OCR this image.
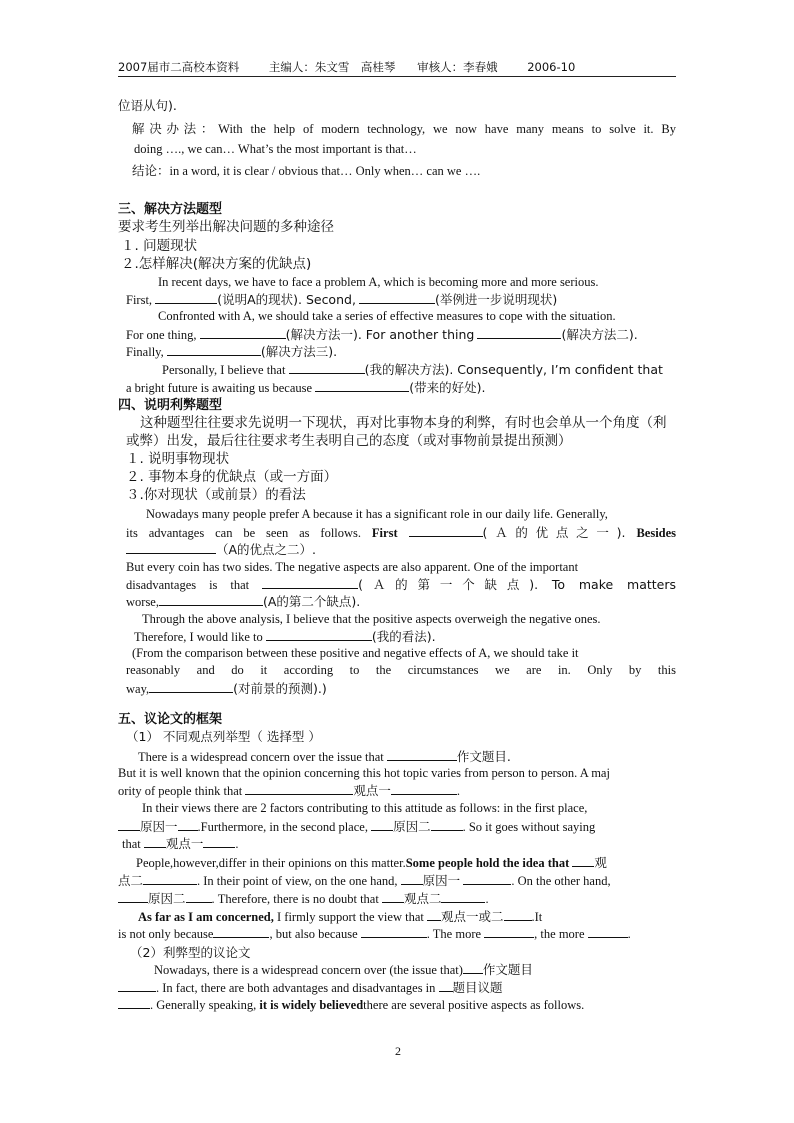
2007届市二高校本资料	主编人：朱文雪　高桂琴 审核人：李春娥	2006-10
位语从句).
解决办法：With the help of modern technology, we now have many means to solve it. By
doing …., we can… What’s the most important is that…
结论：in a word, it is clear / obvious that… Only when… can we ….
三、解决方法题型
要求考生列举出解决问题的多种途径
１. 问题现状
２.怎样解决(解决方案的优缺点)
In recent days, we have to face a problem A, which is becoming more and more serious.
First,	(说明A的现状). Second,	(举例进一步说明现状)
Confronted with A, we should take a series of effective measures to cope with the situation.
For one thing,	(解决方法一). For another thing	(解决方法二).
Finally,	(解决方法三).
Personally, I believe that	(我的解决方法). Consequently, I’m confident that
a bright future is awaiting us because	(带来的好处).
四、说明利弊题型
这种题型往往要求先说明一下现状，再对比事物本身的利弊，有时也会单从一个角度（利
或弊）出发，最后往往要求考生表明自己的态度（或对事物前景提出预测）
１. 说明事物现状
２. 事物本身的优缺点（或一方面）
３.你对现状（或前景）的看法
Nowadays many people prefer A because it has a significant role in our daily life. Generally,
its advantages can be seen as follows. First	(Ａ的优点之一). Besides
（A的优点之二）.
But every coin has two sides. The negative aspects are also apparent. One of the important
disadvantages is that	(Ａ的第一个缺点). To make matters
worse,	(A的第二个缺点).
Through the above analysis, I believe that the positive aspects overweigh the negative ones.
Therefore, I would like to	(我的看法).
(From the comparison between these positive and negative effects of A, we should take it
reasonably and do it according to the circumstances we are in. Only by this
way,	(对前景的预测).)
五、议论文的框架
（1） 不同观点列举型（ 选择型 ）
There is a widespread concern over the issue that	作文题目.
But it is well known that the opinion concerning this hot topic varies from person to person. A maj
ority of people think that	观点一	.
In their views there are 2 factors contributing to this attitude as follows: in the first place,
原因一 .Furthermore, in the second place, 原因二	. So it goes without saying
that 观点一	.
People,however,differ in their opinions on this matter.Some people hold the idea that 观
点二	. In their point of view, on the one hand, 原因一	. On the other hand,
原因二 . Therefore, there is no doubt that 观点二	.
As far as I am concerned, I firmly support the view that 观点一或二 .It
is not only because	, but also because	. The more	, the more	.
（2）利弊型的议论文
Nowadays, there is a widespread concern over (the issue that) 作文题目
. In fact, there are both advantages and disadvantages in 题目议题
. Generally speaking, it is widely believedthere are several positive aspects as follows.
2
